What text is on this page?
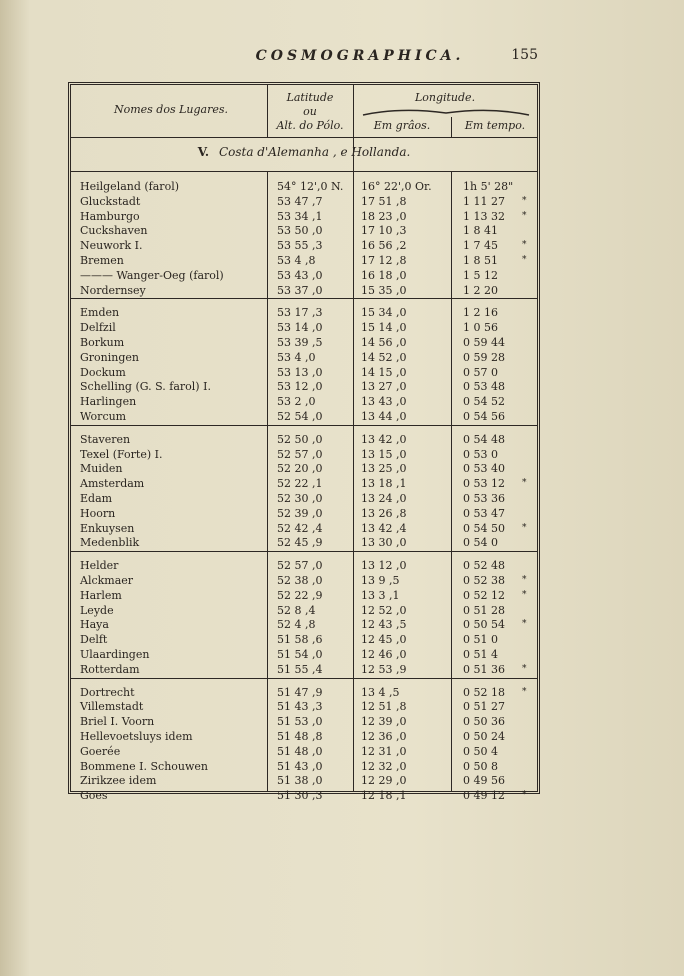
COSMOGRAPHICA.	155
Nomes dos Lugares.
Latitude
ou
Alt. do Pólo.
Longitude.
Em grâos.	Em tempo.
V. Costa d'Alemanha , e Hollanda.
Heilgeland (farol)	54° 12',0 N. 16° 22',0 Or.	1h 5' 28"
Gluckstadt	53 47 ,7	17 51 ,8	1 11 27 *
Hamburgo	53 34 ,1	18 23 ,0	1 13 32 *
Cuckshaven	53 50 ,0	17 10 ,3	1 8 41
Neuwork I.	53 55 ,3	16 56 ,2	1 7 45	*
Bremen	53 4 ,8	17 12 ,8	1 8 51	*
——— Wanger-Oeg (farol)	53 43 ,0	16 18 ,0	1 5 12
Nordernsey	53 37 ,0	15 35 ,0	1 2 20
Emden	53 17 ,3	15 34 ,0	1 2 16
Delfzil	53 14 ,0	15 14 ,0	1 0 56
Borkum	53 39 ,5	14 56 ,0	0 59 44
Groningen	53 4 ,0	14 52 ,0	0 59 28
Dockum	53 13 ,0	14 15 ,0	0 57 0
Schelling (G. S. farol) I.	53 12 ,0	13 27 ,0	0 53 48
Harlingen	53 2 ,0	13 43 ,0	0 54 52
Worcum	52 54 ,0	13 44 ,0	0 54 56
Staveren	52 50 ,0	13 42 ,0	0 54 48
Texel (Forte) I.	52 57 ,0	13 15 ,0	0 53 0
Muiden	52 20 ,0	13 25 ,0	0 53 40
Amsterdam	52 22 ,1	13 18 ,1	0 53 12 *
Edam	52 30 ,0	13 24 ,0	0 53 36
Hoorn	52 39 ,0	13 26 ,8	0 53 47
Enkuysen	52 42 ,4	13 42 ,4	0 54 50 *
Medenblik	52 45 ,9	13 30 ,0	0 54 0
Helder	52 57 ,0	13 12 ,0	0 52 48
Alckmaer	52 38 ,0	13 9 ,5	0 52 38 *
Harlem	52 22 ,9	13 3 ,1	0 52 12 *
Leyde	52 8 ,4	12 52 ,0	0 51 28
Haya	52 4 ,8	12 43 ,5	0 50 54 *
Delft	51 58 ,6	12 45 ,0	0 51 0
Ulaardingen	51 54 ,0	12 46 ,0	0 51 4
Rotterdam	51 55 ,4	12 53 ,9	0 51 36 *
Dortrecht	51 47 ,9	13 4 ,5	0 52 18 *
Villemstadt	51 43 ,3	12 51 ,8	0 51 27
Briel I. Voorn	51 53 ,0	12 39 ,0	0 50 36
Hellevoetsluys idem	51 48 ,8	12 36 ,0	0 50 24
Goerée	51 48 ,0	12 31 ,0	0 50 4
Bommene I. Schouwen	51 43 ,0	12 32 ,0	0 50 8
Zirikzee idem	51 38 ,0	12 29 ,0	0 49 56
Goes	51 30 ,3	12 18 ,1	0 49 12 *
